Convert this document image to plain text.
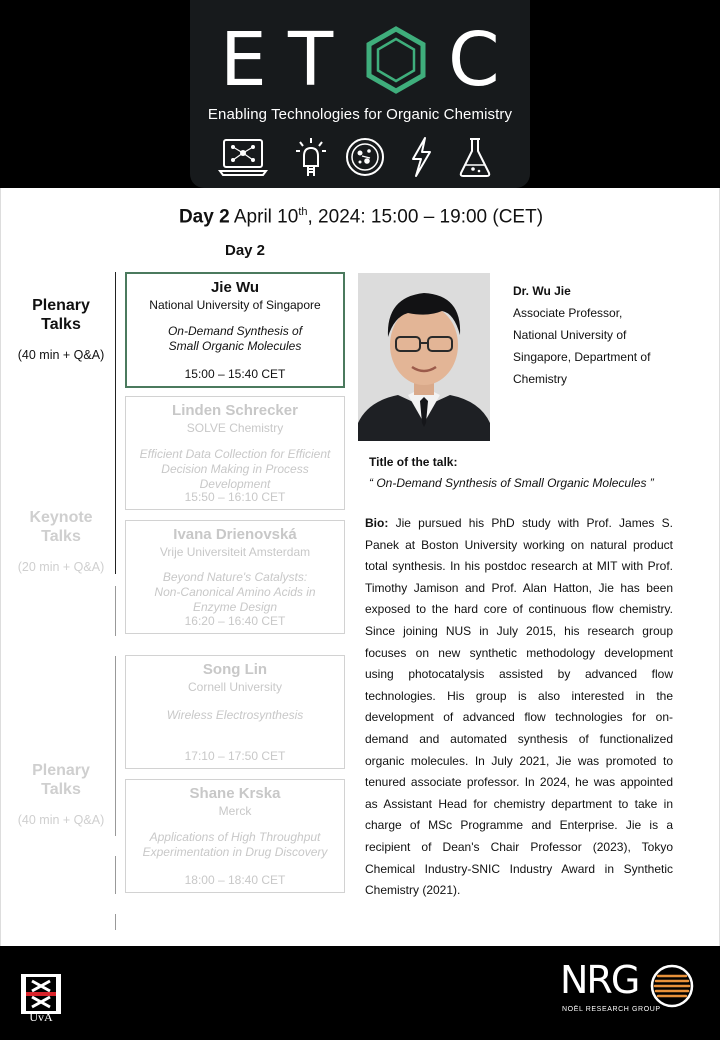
E T C
Enabling Technologies for Organic Chemistry
Day 2 April 10th, 2024: 15:00 – 19:00 (CET)
Day 2
Plenary
Talks
(40 min + Q&A)
Keynote
Talks
(20 min + Q&A)
Plenary
Talks
(40 min + Q&A)
Jie Wu
National University of Singapore
On-Demand Synthesis of
Small Organic Molecules
15:00 – 15:40 CET
Linden Schrecker
SOLVE Chemistry
Efficient Data Collection for Efficient
Decision Making in Process Development
15:50 – 16:10 CET
Ivana Drienovská
Vrije Universiteit Amsterdam
Beyond Nature's Catalysts:
Non-Canonical Amino Acids in
Enzyme Design
16:20 – 16:40 CET
Song Lin
Cornell University
Wireless Electrosynthesis
17:10 – 17:50 CET
Shane Krska
Merck
Applications of High Throughput
Experimentation in Drug Discovery
18:00 – 18:40 CET
Dr. Wu Jie
Associate Professor,
National University of
Singapore, Department of
Chemistry
Title of the talk:
“ On-Demand Synthesis of Small Organic Molecules ”
Bio: Jie pursued his PhD study with Prof. James S. Panek at Boston University working on natural product total synthesis. In his postdoc research at MIT with Prof. Timothy Jamison and Prof. Alan Hatton, Jie has been exposed to the hard core of continuous flow chemistry. Since joining NUS in July 2015, his research group focuses on new synthetic methodology development using photocatalysis assisted by advanced flow technologies. His group is also interested in the development of advanced flow technologies for on-demand and automated synthesis of functionalized organic molecules. In July 2021, Jie was promoted to tenured associate professor. In 2024, he was appointed as Assistant Head for chemistry department to take in charge of MSc Programme and Enterprise. Jie is a recipient of Dean's Chair Professor (2023), Tokyo Chemical Industry-SNIC Industry Award in Synthetic Chemistry (2021).
UvA
NRG
NOËL RESEARCH GROUP
